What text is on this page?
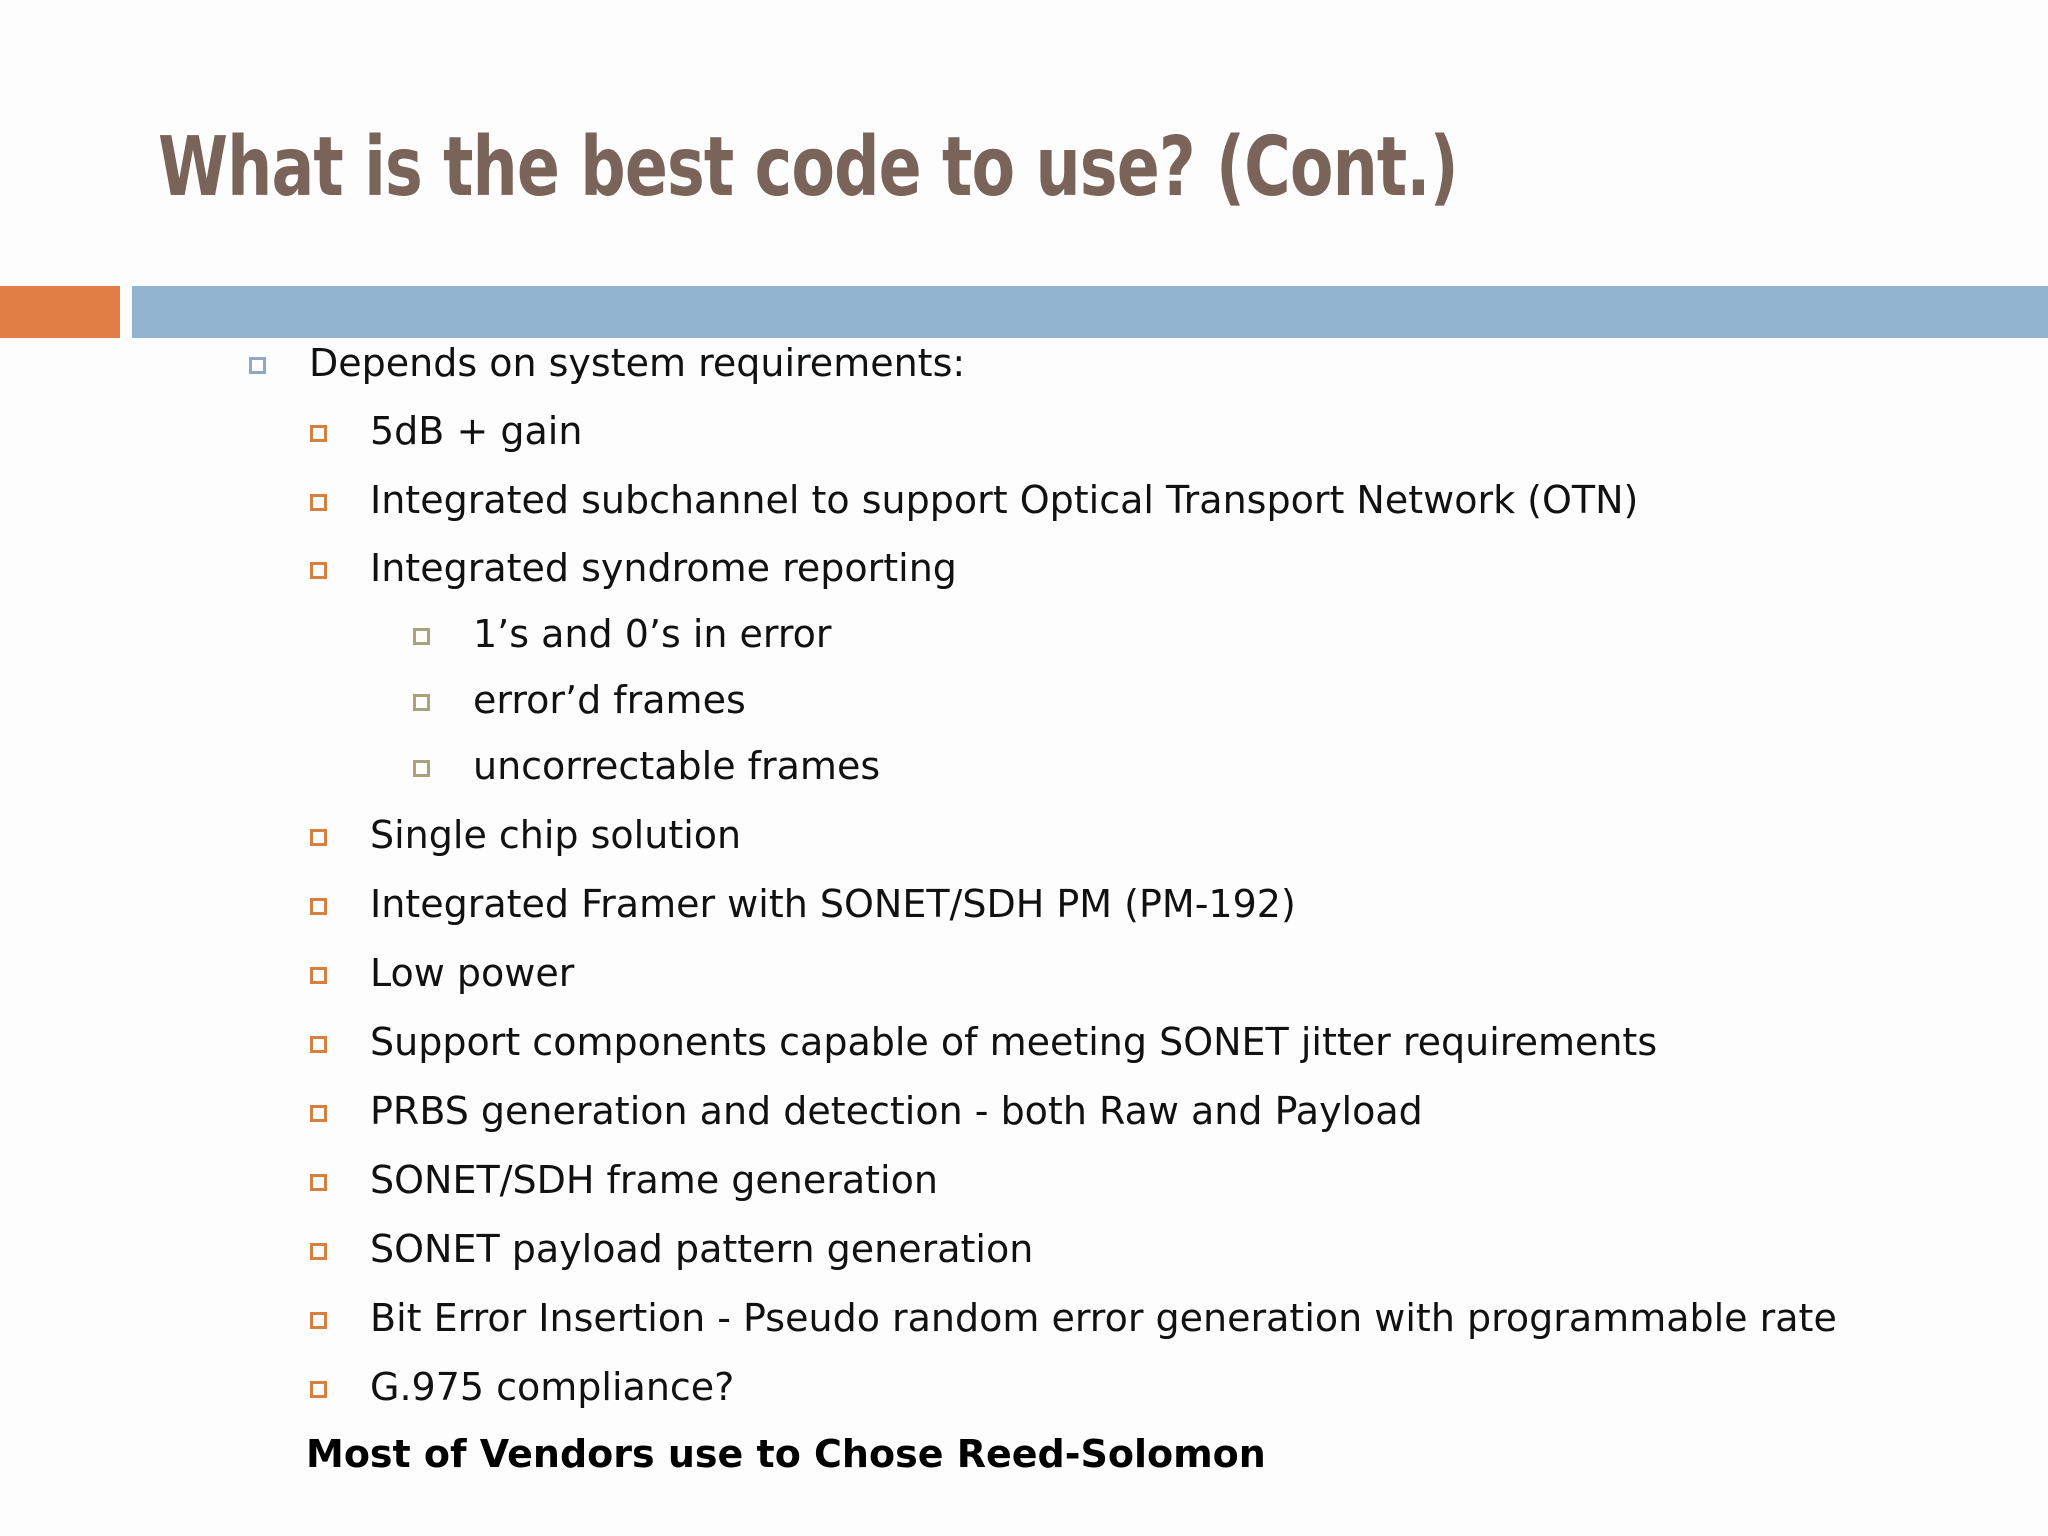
What is the best code to use? (Cont.)
Depends on system requirements:
5dB + gain
Integrated subchannel to support Optical Transport Network (OTN)
Integrated syndrome reporting
1’s and 0’s in error
error’d frames
uncorrectable frames
Single chip solution
Integrated Framer with SONET/SDH PM (PM-192)
Low power
Support components capable of meeting SONET jitter requirements
PRBS generation and detection - both Raw and Payload
SONET/SDH frame generation
SONET payload pattern generation
Bit Error Insertion - Pseudo random error generation with programmable rate
G.975 compliance?
Most of Vendors use to Chose Reed-Solomon
